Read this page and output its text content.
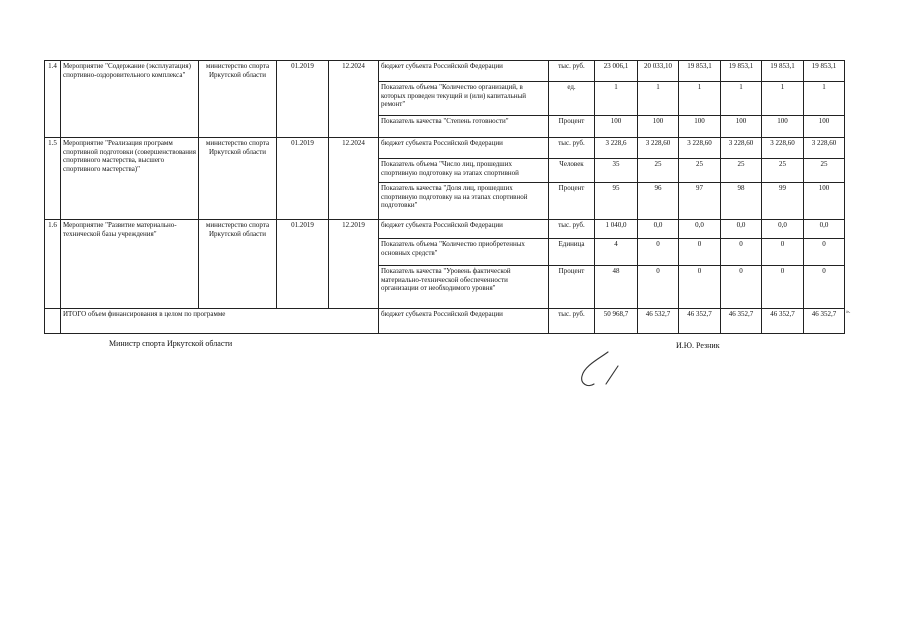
1.4	Мероприятие "Содержание (эксплуатация) спортивно-оздоровительного комплекса"	министерство спорта Иркутской области	01.2019	12.2024	бюджет субъекта Российской Федерации	тыс. руб.	23 006,1	20 033,10	19 853,1	19 853,1	19 853,1	19 853,1
					Показатель объема "Количество организаций, в которых проведен текущий и (или) капитальный ремонт"	ед.	1	1	1	1	1	1
					Показатель качества "Степень готовности"	Процент	100	100	100	100	100	100
1.5	Мероприятие "Реализация программ спортивной подготовки (совершенствования спортивного мастерства, высшего спортивного мастерства)"	министерство спорта Иркутской области	01.2019	12.2024	бюджет субъекта Российской Федерации	тыс. руб.	3 228,6	3 228,60	3 228,60	3 228,60	3 228,60	3 228,60
					Показатель объема "Число лиц, прошедших спортивную подготовку на этапах спортивной	Человек	35	25	25	25	25	25
					Показатель качества "Доля лиц, прошедших спортивную подготовку на на этапах спортивной подготовки"	Процент	95	96	97	98	99	100
1.6	Мероприятие "Развитие материально-технической базы учреждения"	министерство спорта Иркутской области	01.2019	12.2019	бюджет субъекта Российской Федерации	тыс. руб.	1 040,0	0,0	0,0	0,0	0,0	0,0
					Показатель объема "Количество приобретенных основных средств"	Единица	4	0	0	0	0	0
					Показатель качества "Уровень фактической материально-технической обеспеченности организации от необходимого уровня"	Процент	48	0	0	0	0	0
	ИТОГО объем финансирования в целом по программе				бюджет субъекта Российской Федерации	тыс. руб.	50 968,7	46 532,7	46 352,7	46 352,7	46 352,7	46 352,7 ».
Министр спорта Иркутской области	И.Ю. Резник
